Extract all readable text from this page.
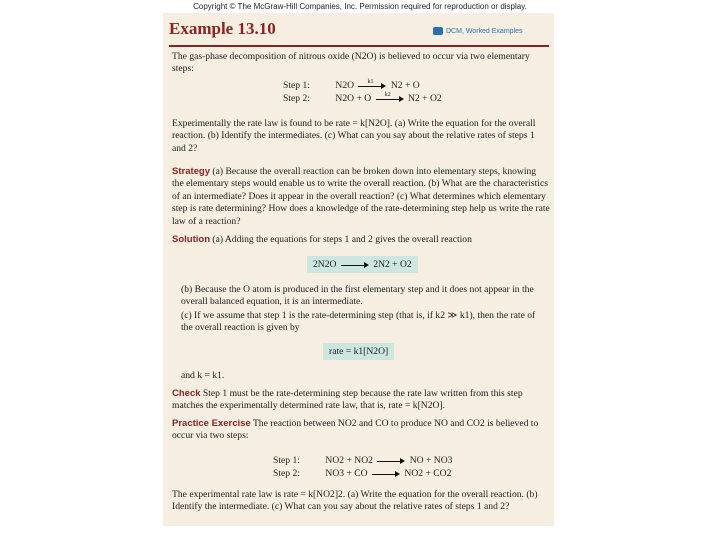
Copyright © The McGraw-Hill Companies, Inc. Permission required for reproduction or display.
Example 13.10	DCM, Worked Examples

The gas-phase decomposition of nitrous oxide (N2O) is believed to occur via two elementary steps:

Step 1:	N2O k1 N2 + O
Step 2:	N2O + O k2 N2 + O2

Experimentally the rate law is found to be rate = k[N2O]. (a) Write the equation for the overall reaction. (b) Identify the intermediates. (c) What can you say about the relative rates of steps 1 and 2?

Strategy (a) Because the overall reaction can be broken down into elementary steps, knowing the elementary steps would enable us to write the overall reaction. (b) What are the characteristics of an intermediate? Does it appear in the overall reaction? (c) What determines which elementary step is rate determining? How does a knowledge of the rate-determining step help us write the rate law of a reaction?

Solution (a) Adding the equations for steps 1 and 2 gives the overall reaction

2N2O	2N2 + O2

(b) Because the O atom is produced in the first elementary step and it does not appear in the overall balanced equation, it is an intermediate.

(c) If we assume that step 1 is the rate-determining step (that is, if k2 ≫ k1), then the rate of the overall reaction is given by

rate = k1[N2O]

and k = k1.

Check Step 1 must be the rate-determining step because the rate law written from this step matches the experimentally determined rate law, that is, rate = k[N2O].

Practice Exercise The reaction between NO2 and CO to produce NO and CO2 is believed to occur via two steps:

Step 1:	NO2 + NO2	NO + NO3
Step 2:	NO3 + CO	NO2 + CO2

The experimental rate law is rate = k[NO2]2. (a) Write the equation for the overall reaction. (b) Identify the intermediate. (c) What can you say about the relative rates of steps 1 and 2?
